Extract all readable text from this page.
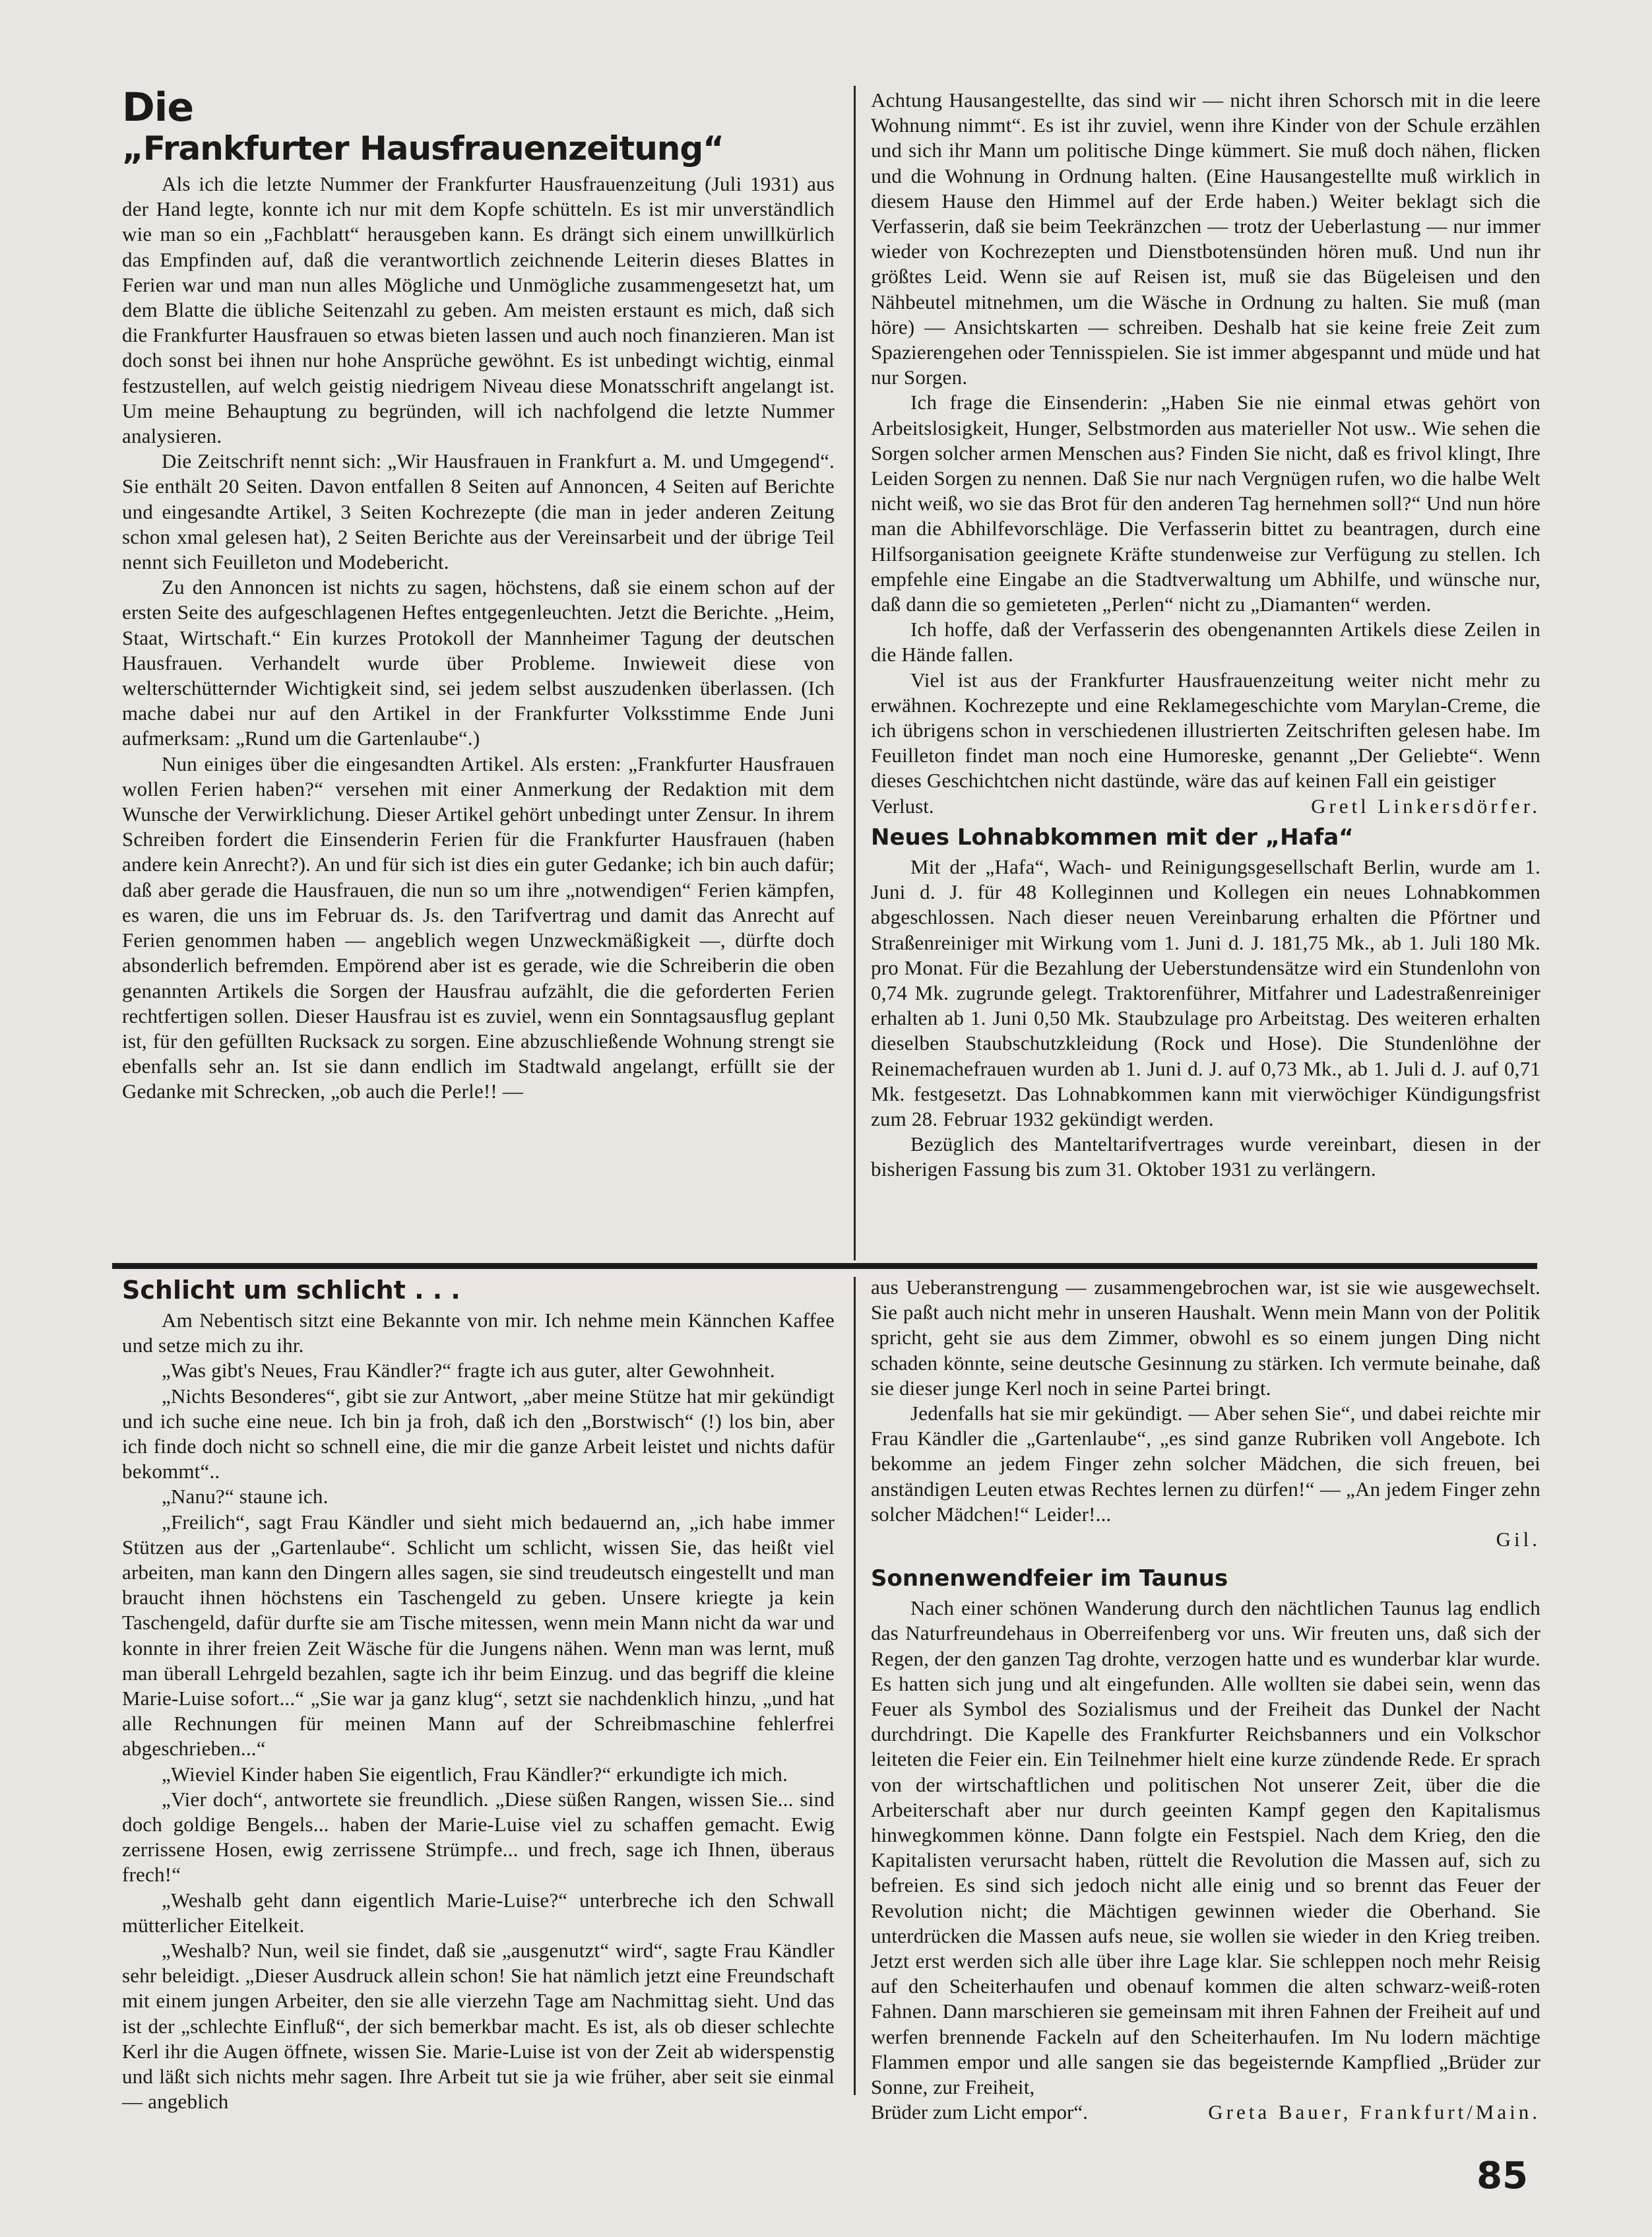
Die
„Frankfurter Hausfrauenzeitung“

Als ich die letzte Nummer der Frankfurter Hausfrauenzeitung (Juli 1931) aus der Hand legte, konnte ich nur mit dem Kopfe schütteln. Es ist mir unverständlich wie man so ein „Fachblatt“ herausgeben kann. Es drängt sich einem unwillkürlich das Empfinden auf, daß die verantwortlich zeichnende Leiterin dieses Blattes in Ferien war und man nun alles Mögliche und Unmögliche zusammengesetzt hat, um dem Blatte die übliche Seitenzahl zu geben. Am meisten erstaunt es mich, daß sich die Frankfurter Hausfrauen so etwas bieten lassen und auch noch finanzieren. Man ist doch sonst bei ihnen nur hohe Ansprüche gewöhnt. Es ist unbedingt wichtig, einmal festzustellen, auf welch geistig niedrigem Niveau diese Monatsschrift angelangt ist. Um meine Behauptung zu begründen, will ich nachfolgend die letzte Nummer analysieren.

Die Zeitschrift nennt sich: „Wir Hausfrauen in Frankfurt a. M. und Umgegend“. Sie enthält 20 Seiten. Davon entfallen 8 Seiten auf Annoncen, 4 Seiten auf Berichte und eingesandte Artikel, 3 Seiten Kochrezepte (die man in jeder anderen Zeitung schon xmal gelesen hat), 2 Seiten Berichte aus der Vereinsarbeit und der übrige Teil nennt sich Feuilleton und Modebericht.

Zu den Annoncen ist nichts zu sagen, höchstens, daß sie einem schon auf der ersten Seite des aufgeschlagenen Heftes entgegenleuchten. Jetzt die Berichte. „Heim, Staat, Wirtschaft.“ Ein kurzes Protokoll der Mannheimer Tagung der deutschen Hausfrauen. Verhandelt wurde über Probleme. Inwieweit diese von welterschütternder Wichtigkeit sind, sei jedem selbst auszudenken überlassen. (Ich mache dabei nur auf den Artikel in der Frankfurter Volksstimme Ende Juni aufmerksam: „Rund um die Gartenlaube“.)

Nun einiges über die eingesandten Artikel. Als ersten: „Frankfurter Hausfrauen wollen Ferien haben?“ versehen mit einer Anmerkung der Redaktion mit dem Wunsche der Verwirklichung. Dieser Artikel gehört unbedingt unter Zensur. In ihrem Schreiben fordert die Einsenderin Ferien für die Frankfurter Hausfrauen (haben andere kein Anrecht?). An und für sich ist dies ein guter Gedanke; ich bin auch dafür; daß aber gerade die Hausfrauen, die nun so um ihre „notwendigen“ Ferien kämpfen, es waren, die uns im Februar ds. Js. den Tarifvertrag und damit das Anrecht auf Ferien genommen haben — angeblich wegen Unzweckmäßigkeit —, dürfte doch absonderlich befremden. Empörend aber ist es gerade, wie die Schreiberin die oben genannten Artikels die Sorgen der Hausfrau aufzählt, die die geforderten Ferien rechtfertigen sollen. Dieser Hausfrau ist es zuviel, wenn ein Sonntagsausflug geplant ist, für den gefüllten Rucksack zu sorgen. Eine abzuschließende Wohnung strengt sie ebenfalls sehr an. Ist sie dann endlich im Stadtwald angelangt, erfüllt sie der Gedanke mit Schrecken, „ob auch die Perle!! —

Achtung Hausangestellte, das sind wir — nicht ihren Schorsch mit in die leere Wohnung nimmt“. Es ist ihr zuviel, wenn ihre Kinder von der Schule erzählen und sich ihr Mann um politische Dinge kümmert. Sie muß doch nähen, flicken und die Wohnung in Ordnung halten. (Eine Hausangestellte muß wirklich in diesem Hause den Himmel auf der Erde haben.) Weiter beklagt sich die Verfasserin, daß sie beim Teekränzchen — trotz der Ueberlastung — nur immer wieder von Kochrezepten und Dienstbotensünden hören muß. Und nun ihr größtes Leid. Wenn sie auf Reisen ist, muß sie das Bügeleisen und den Nähbeutel mitnehmen, um die Wäsche in Ordnung zu halten. Sie muß (man höre) — Ansichtskarten — schreiben. Deshalb hat sie keine freie Zeit zum Spazierengehen oder Tennisspielen. Sie ist immer abgespannt und müde und hat nur Sorgen.

Ich frage die Einsenderin: „Haben Sie nie einmal etwas gehört von Arbeitslosigkeit, Hunger, Selbstmorden aus materieller Not usw.. Wie sehen die Sorgen solcher armen Menschen aus? Finden Sie nicht, daß es frivol klingt, Ihre Leiden Sorgen zu nennen. Daß Sie nur nach Vergnügen rufen, wo die halbe Welt nicht weiß, wo sie das Brot für den anderen Tag hernehmen soll?“ Und nun höre man die Abhilfevorschläge. Die Verfasserin bittet zu beantragen, durch eine Hilfsorganisation geeignete Kräfte stundenweise zur Verfügung zu stellen. Ich empfehle eine Eingabe an die Stadtverwaltung um Abhilfe, und wünsche nur, daß dann die so gemieteten „Perlen“ nicht zu „Diamanten“ werden.

Ich hoffe, daß der Verfasserin des obengenannten Artikels diese Zeilen in die Hände fallen.

Viel ist aus der Frankfurter Hausfrauenzeitung weiter nicht mehr zu erwähnen. Kochrezepte und eine Reklamegeschichte vom Marylan-Creme, die ich übrigens schon in verschiedenen illustrierten Zeitschriften gelesen habe. Im Feuilleton findet man noch eine Humoreske, genannt „Der Geliebte“. Wenn dieses Geschichtchen nicht dastünde, wäre das auf keinen Fall ein geistiger

Verlust.	Gretl Linkersdörfer.
Neues Lohnabkommen mit der „Hafa“

Mit der „Hafa“, Wach- und Reinigungsgesellschaft Berlin, wurde am 1. Juni d. J. für 48 Kolleginnen und Kollegen ein neues Lohnabkommen abgeschlossen. Nach dieser neuen Vereinbarung erhalten die Pförtner und Straßenreiniger mit Wirkung vom 1. Juni d. J. 181,75 Mk., ab 1. Juli 180 Mk. pro Monat. Für die Bezahlung der Ueberstundensätze wird ein Stundenlohn von 0,74 Mk. zugrunde gelegt. Traktorenführer, Mitfahrer und Ladestraßenreiniger erhalten ab 1. Juni 0,50 Mk. Staubzulage pro Arbeitstag. Des weiteren erhalten dieselben Staubschutzkleidung (Rock und Hose). Die Stundenlöhne der Reinemachefrauen wurden ab 1. Juni d. J. auf 0,73 Mk., ab 1. Juli d. J. auf 0,71 Mk. festgesetzt. Das Lohnabkommen kann mit vierwöchiger Kündigungsfrist zum 28. Februar 1932 gekündigt werden.

Bezüglich des Manteltarifvertrages wurde vereinbart, diesen in der bisherigen Fassung bis zum 31. Oktober 1931 zu verlängern.

Schlicht um schlicht . . .

Am Nebentisch sitzt eine Bekannte von mir. Ich nehme mein Kännchen Kaffee und setze mich zu ihr.

„Was gibt's Neues, Frau Kändler?“ fragte ich aus guter, alter Gewohnheit.

„Nichts Besonderes“, gibt sie zur Antwort, „aber meine Stütze hat mir gekündigt und ich suche eine neue. Ich bin ja froh, daß ich den „Borstwisch“ (!) los bin, aber ich finde doch nicht so schnell eine, die mir die ganze Arbeit leistet und nichts dafür bekommt“..

„Nanu?“ staune ich.

„Freilich“, sagt Frau Kändler und sieht mich bedauernd an, „ich habe immer Stützen aus der „Gartenlaube“. Schlicht um schlicht, wissen Sie, das heißt viel arbeiten, man kann den Dingern alles sagen, sie sind treudeutsch eingestellt und man braucht ihnen höchstens ein Taschengeld zu geben. Unsere kriegte ja kein Taschengeld, dafür durfte sie am Tische mitessen, wenn mein Mann nicht da war und konnte in ihrer freien Zeit Wäsche für die Jungens nähen. Wenn man was lernt, muß man überall Lehrgeld bezahlen, sagte ich ihr beim Einzug. und das begriff die kleine Marie-Luise sofort...“ „Sie war ja ganz klug“, setzt sie nachdenklich hinzu, „und hat alle Rechnungen für meinen Mann auf der Schreibmaschine fehlerfrei abgeschrieben...“

„Wieviel Kinder haben Sie eigentlich, Frau Kändler?“ erkundigte ich mich.

„Vier doch“, antwortete sie freundlich. „Diese süßen Rangen, wissen Sie... sind doch goldige Bengels... haben der Marie-Luise viel zu schaffen gemacht. Ewig zerrissene Hosen, ewig zerrissene Strümpfe... und frech, sage ich Ihnen, überaus frech!“

„Weshalb geht dann eigentlich Marie-Luise?“ unterbreche ich den Schwall mütterlicher Eitelkeit.

„Weshalb? Nun, weil sie findet, daß sie „ausgenutzt“ wird“, sagte Frau Kändler sehr beleidigt. „Dieser Ausdruck allein schon! Sie hat nämlich jetzt eine Freundschaft mit einem jungen Arbeiter, den sie alle vierzehn Tage am Nachmittag sieht. Und das ist der „schlechte Einfluß“, der sich bemerkbar macht. Es ist, als ob dieser schlechte Kerl ihr die Augen öffnete, wissen Sie. Marie-Luise ist von der Zeit ab widerspenstig und läßt sich nichts mehr sagen. Ihre Arbeit tut sie ja wie früher, aber seit sie einmal — angeblich

aus Ueberanstrengung — zusammengebrochen war, ist sie wie ausgewechselt. Sie paßt auch nicht mehr in unseren Haushalt. Wenn mein Mann von der Politik spricht, geht sie aus dem Zimmer, obwohl es so einem jungen Ding nicht schaden könnte, seine deutsche Gesinnung zu stärken. Ich vermute beinahe, daß sie dieser junge Kerl noch in seine Partei bringt.

Jedenfalls hat sie mir gekündigt. — Aber sehen Sie“, und dabei reichte mir Frau Kändler die „Gartenlaube“, „es sind ganze Rubriken voll Angebote. Ich bekomme an jedem Finger zehn solcher Mädchen, die sich freuen, bei anständigen Leuten etwas Rechtes lernen zu dürfen!“ — „An jedem Finger zehn solcher Mädchen!“ Leider!...

Gil.
Sonnenwendfeier im Taunus

Nach einer schönen Wanderung durch den nächtlichen Taunus lag endlich das Naturfreundehaus in Oberreifenberg vor uns. Wir freuten uns, daß sich der Regen, der den ganzen Tag drohte, verzogen hatte und es wunderbar klar wurde. Es hatten sich jung und alt eingefunden. Alle wollten sie dabei sein, wenn das Feuer als Symbol des Sozialismus und der Freiheit das Dunkel der Nacht durchdringt. Die Kapelle des Frankfurter Reichsbanners und ein Volkschor leiteten die Feier ein. Ein Teilnehmer hielt eine kurze zündende Rede. Er sprach von der wirtschaftlichen und politischen Not unserer Zeit, über die die Arbeiterschaft aber nur durch geeinten Kampf gegen den Kapitalismus hinwegkommen könne. Dann folgte ein Festspiel. Nach dem Krieg, den die Kapitalisten verursacht haben, rüttelt die Revolution die Massen auf, sich zu befreien. Es sind sich jedoch nicht alle einig und so brennt das Feuer der Revolution nicht; die Mächtigen gewinnen wieder die Oberhand. Sie unterdrücken die Massen aufs neue, sie wollen sie wieder in den Krieg treiben. Jetzt erst werden sich alle über ihre Lage klar. Sie schleppen noch mehr Reisig auf den Scheiterhaufen und obenauf kommen die alten schwarz-weiß-roten Fahnen. Dann marschieren sie gemeinsam mit ihren Fahnen der Freiheit auf und werfen brennende Fackeln auf den Scheiterhaufen. Im Nu lodern mächtige Flammen empor und alle sangen sie das begeisternde Kampflied „Brüder zur Sonne, zur Freiheit,

Brüder zum Licht empor“.	Greta Bauer, Frankfurt/Main.
85
